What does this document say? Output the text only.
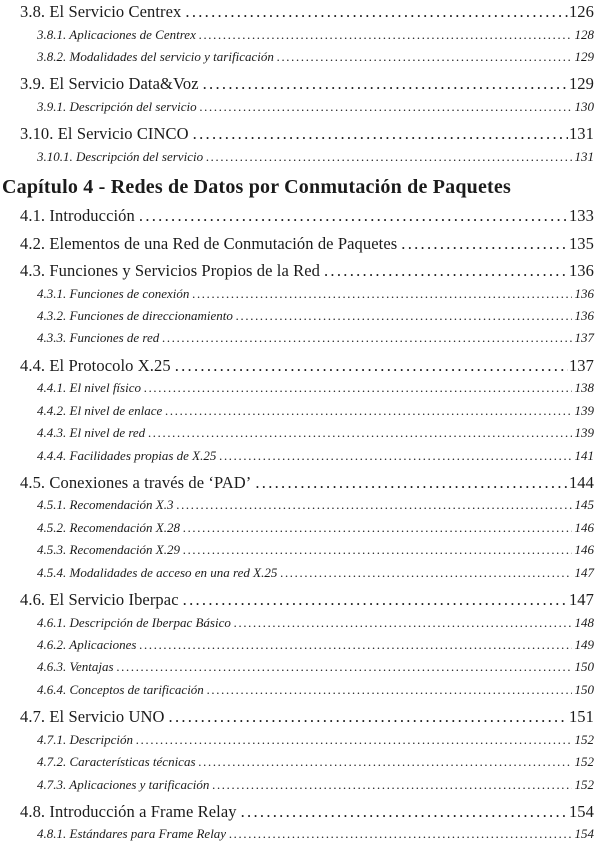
3.8. El Servicio Centrex .....	126
3.8.1. Aplicaciones de Centrex .....	128
3.8.2. Modalidades del servicio y tarificación .....	129
3.9. El Servicio Data&Voz .....	129
3.9.1. Descripción del servicio .....	130
3.10. El Servicio CINCO .....	131
3.10.1. Descripción del servicio .....	131
Capítulo 4 - Redes de Datos por Conmutación de Paquetes
4.1. Introducción .....	133
4.2. Elementos de una Red de Conmutación de Paquetes .....	135
4.3. Funciones y Servicios Propios de la Red .....	136
4.3.1. Funciones de conexión .....	136
4.3.2. Funciones de direccionamiento .....	136
4.3.3. Funciones de red .....	137
4.4. El Protocolo X.25 .....	137
4.4.1. El nivel físico .....	138
4.4.2. El nivel de enlace .....	139
4.4.3. El nivel de red .....	139
4.4.4. Facilidades propias de X.25 .....	141
4.5. Conexiones a través de ‘PAD’ .....	144
4.5.1. Recomendación X.3 .....	145
4.5.2. Recomendación X.28 .....	146
4.5.3. Recomendación X.29 .....	146
4.5.4. Modalidades de acceso en una red X.25 .....	147
4.6. El Servicio Iberpac .....	147
4.6.1. Descripción de Iberpac Básico .....	148
4.6.2. Aplicaciones .....	149
4.6.3. Ventajas .....	150
4.6.4. Conceptos de tarificación .....	150
4.7. El Servicio UNO .....	151
4.7.1. Descripción .....	152
4.7.2. Características técnicas .....	152
4.7.3. Aplicaciones y tarificación .....	152
4.8. Introducción a Frame Relay .....	154
4.8.1. Estándares para Frame Relay .....	154
